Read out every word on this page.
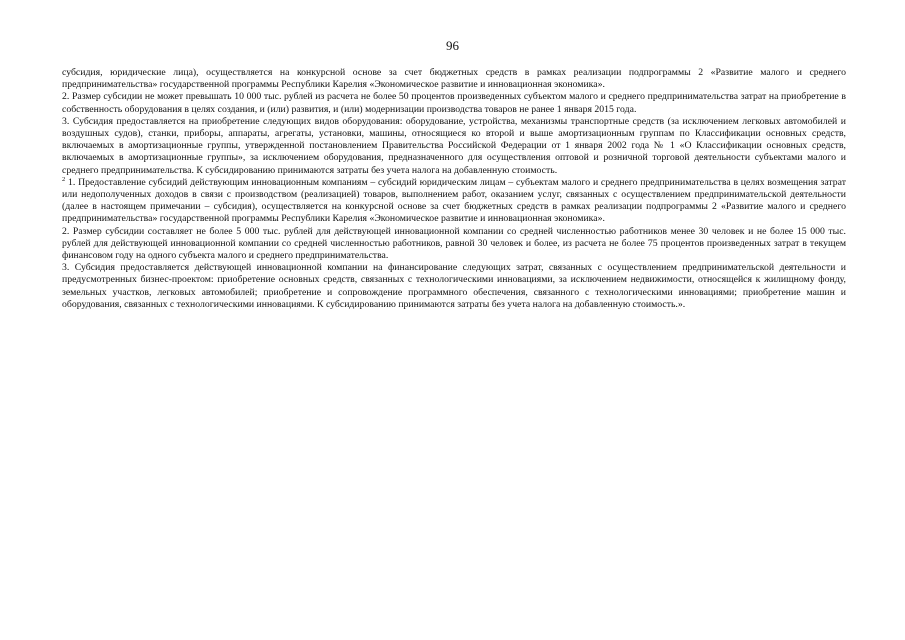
96

субсидия, юридические лица), осуществляется на конкурсной основе за счет бюджетных средств в рамках реализации подпрограммы 2 «Развитие малого и среднего предпринимательства» государственной программы Республики Карелия «Экономическое развитие и инновационная экономика».

2. Размер субсидии не может превышать 10 000 тыс. рублей из расчета не более 50 процентов произведенных субъектом малого и среднего предпринимательства затрат на приобретение в собственность оборудования в целях создания, и (или) развития, и (или) модернизации производства товаров не ранее 1 января 2015 года.

3. Субсидия предоставляется на приобретение следующих видов оборудования: оборудование, устройства, механизмы транспортные средств (за исключением легковых автомобилей и воздушных судов), станки, приборы, аппараты, агрегаты, установки, машины, относящиеся ко второй и выше амортизационным группам по Классификации основных средств, включаемых в амортизационные группы, утвержденной постановлением Правительства Российской Федерации от 1 января 2002 года № 1 «О Классификации основных средств, включаемых в амортизационные группы», за исключением оборудования, предназначенного для осуществления оптовой и розничной торговой деятельности субъектами малого и среднего предпринимательства. К субсидированию принимаются затраты без учета налога на добавленную стоимость.

$^2$ 1. Предоставление субсидий действующим инновационным компаниям – субсидий юридическим лицам – субъектам малого и среднего предпринимательства в целях возмещения затрат или недополученных доходов в связи с производством (реализацией) товаров, выполнением работ, оказанием услуг, связанных с осуществлением предпринимательской деятельности (далее в настоящем примечании – субсидия), осуществляется на конкурсной основе за счет бюджетных средств в рамках реализации подпрограммы 2 «Развитие малого и среднего предпринимательства» государственной программы Республики Карелия «Экономическое развитие и инновационная экономика».

2. Размер субсидии составляет не более 5 000 тыс. рублей для действующей инновационной компании со средней численностью работников менее 30 человек и не более 15 000 тыс. рублей для действующей инновационной компании со средней численностью работников, равной 30 человек и более, из расчета не более 75 процентов произведенных затрат в текущем финансовом году на одного субъекта малого и среднего предпринимательства.

3. Субсидия предоставляется действующей инновационной компании на финансирование следующих затрат, связанных с осуществлением предпринимательской деятельности и предусмотренных бизнес-проектом: приобретение основных средств, связанных с технологическими инновациями, за исключением недвижимости, относящейся к жилищному фонду, земельных участков, легковых автомобилей; приобретение и сопровождение программного обеспечения, связанного с технологическими инновациями; приобретение машин и оборудования, связанных с технологическими инновациями. К субсидированию принимаются затраты без учета налога на добавленную стоимость.».
